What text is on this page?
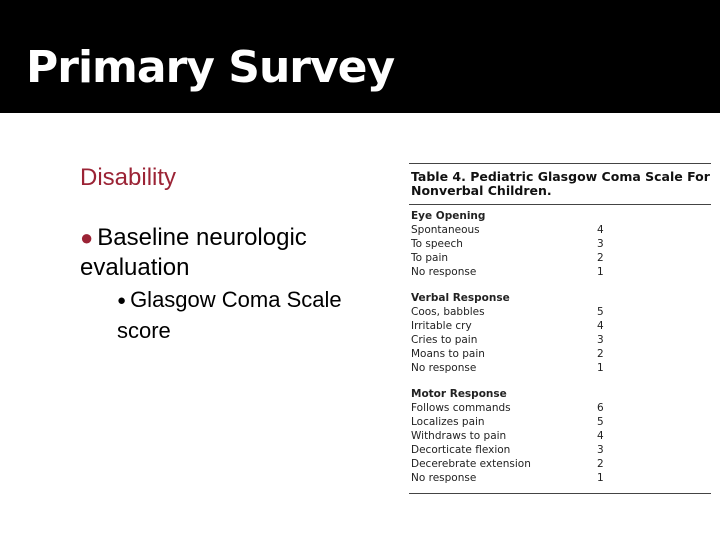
Primary Survey
Disability
● Baseline neurologic evaluation
● Glasgow Coma Scale score
Table 4. Pediatric Glasgow Coma Scale For Nonverbal Children.
Eye Opening
Spontaneous	4
To speech	3
To pain	2
No response	1
Verbal Response
Coos, babbles	5
Irritable cry	4
Cries to pain	3
Moans to pain	2
No response	1
Motor Response
Follows commands	6
Localizes pain	5
Withdraws to pain	4
Decorticate flexion	3
Decerebrate extension	2
No response	1
